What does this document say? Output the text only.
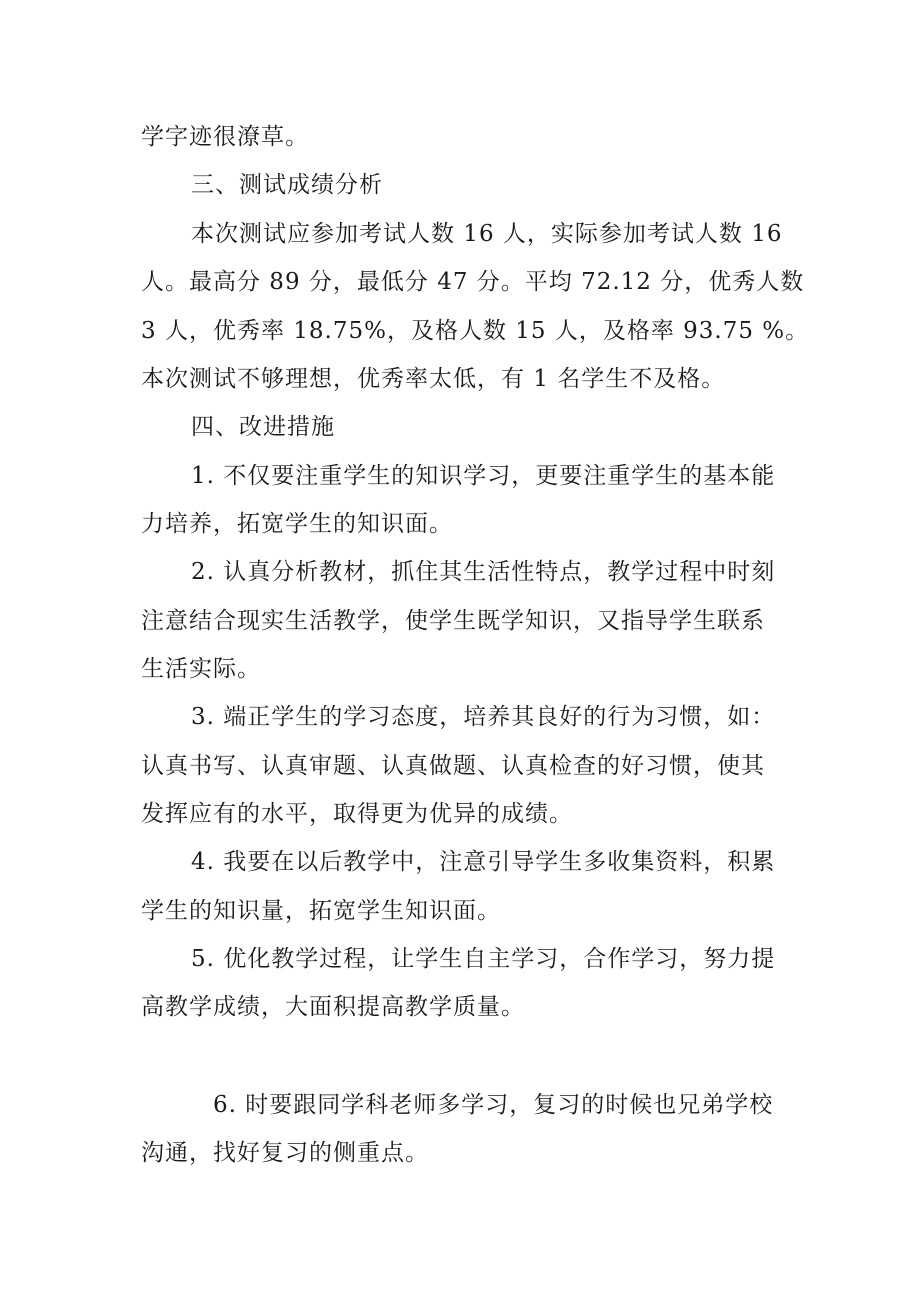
学字迹很潦草。
三、测试成绩分析
本次测试应参加考试人数 16 人，实际参加考试人数 16
人。最高分 89 分，最低分 47 分。平均 72.12 分，优秀人数
3 人，优秀率 18.75%，及格人数 15 人，及格率 93.75 %。
本次测试不够理想，优秀率太低，有 1 名学生不及格。
四、改进措施
1. 不仅要注重学生的知识学习，更要注重学生的基本能
力培养，拓宽学生的知识面。
2. 认真分析教材，抓住其生活性特点，教学过程中时刻
注意结合现实生活教学，使学生既学知识，又指导学生联系
生活实际。
3. 端正学生的学习态度，培养其良好的行为习惯，如：
认真书写、认真审题、认真做题、认真检查的好习惯，使其
发挥应有的水平，取得更为优异的成绩。
4. 我要在以后教学中，注意引导学生多收集资料，积累
学生的知识量，拓宽学生知识面。
5. 优化教学过程，让学生自主学习，合作学习，努力提
高教学成绩，大面积提高教学质量。
6. 时要跟同学科老师多学习，复习的时候也兄弟学校
沟通，找好复习的侧重点。
